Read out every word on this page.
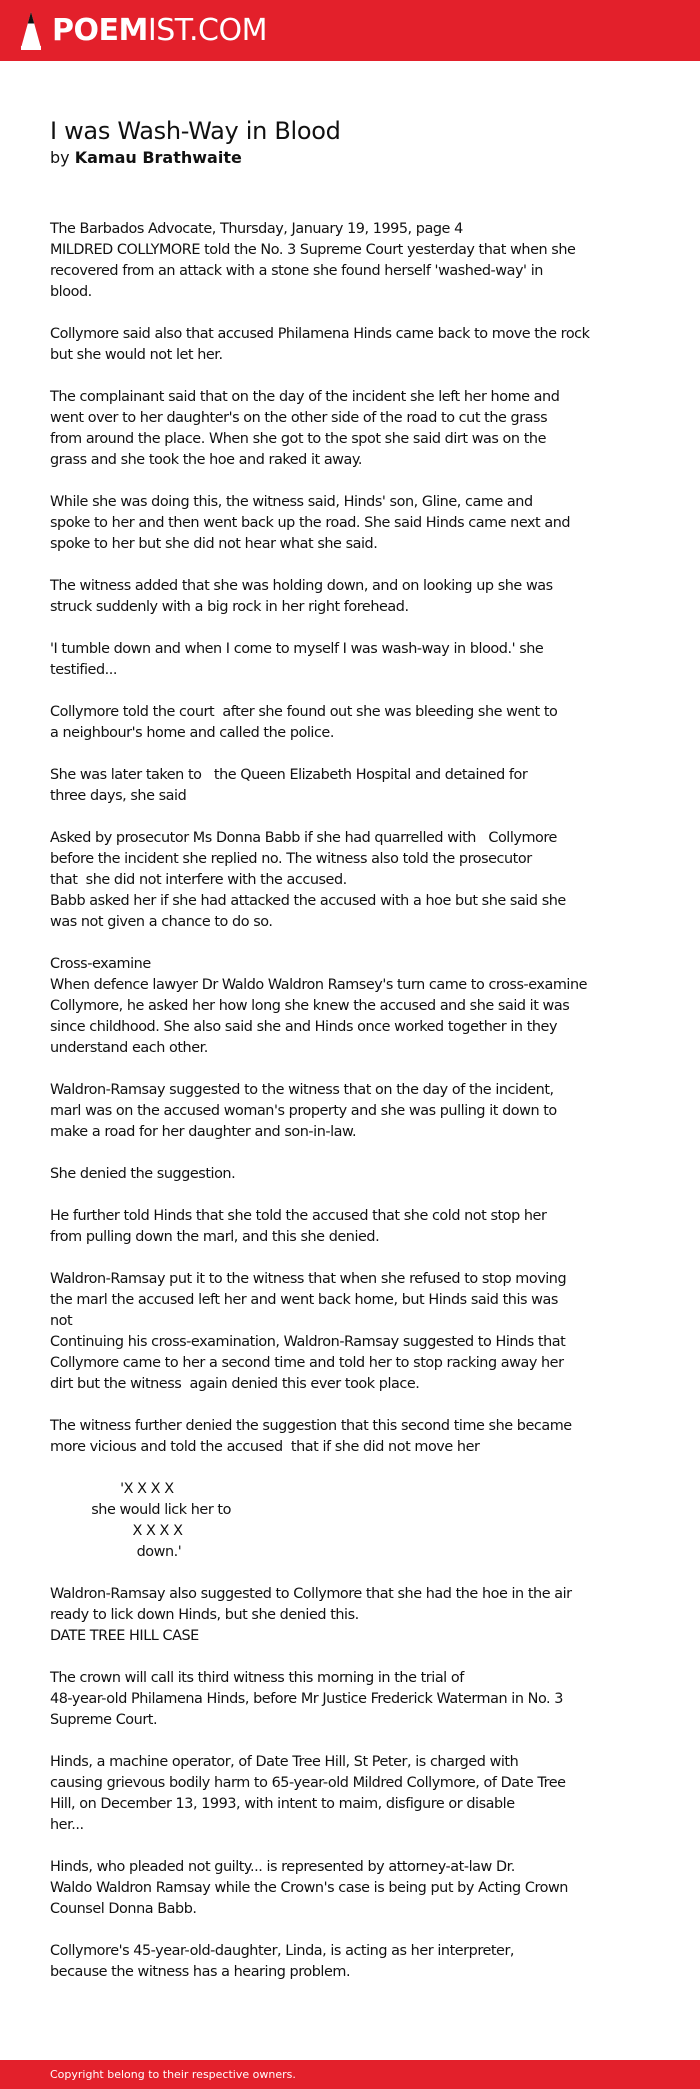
POEMIST.COM
I was Wash-Way in Blood
by Kamau Brathwaite
The Barbados Advocate, Thursday, January 19, 1995, page 4
MILDRED COLLYMORE told the No. 3 Supreme Court yesterday that when she
recovered from an attack with a stone she found herself 'washed-way' in
blood.
Collymore said also that accused Philamena Hinds came back to move the rock
but she would not let her.
The complainant said that on the day of the incident she left her home and
went over to her daughter's on the other side of the road to cut the grass
from around the place. When she got to the spot she said dirt was on the
grass and she took the hoe and raked it away.
While she was doing this, the witness said, Hinds' son, Gline, came and
spoke to her and then went back up the road. She said Hinds came next and
spoke to her but she did not hear what she said.
The witness added that she was holding down, and on looking up she was
struck suddenly with a big rock in her right forehead.
'I tumble down and when I come to myself I was wash-way in blood.' she
testified...
Collymore told the court  after she found out she was bleeding she went to
a neighbour's home and called the police.
She was later taken to   the Queen Elizabeth Hospital and detained for
three days, she said
Asked by prosecutor Ms Donna Babb if she had quarrelled with   Collymore
before the incident she replied no. The witness also told the prosecutor
that  she did not interfere with the accused.
Babb asked her if she had attacked the accused with a hoe but she said she
was not given a chance to do so.
Cross-examine
When defence lawyer Dr Waldo Waldron Ramsey's turn came to cross-examine
Collymore, he asked her how long she knew the accused and she said it was
since childhood. She also said she and Hinds once worked together in they
understand each other.
Waldron-Ramsay suggested to the witness that on the day of the incident,
marl was on the accused woman's property and she was pulling it down to
make a road for her daughter and son-in-law.
She denied the suggestion.
He further told Hinds that she told the accused that she cold not stop her
from pulling down the marl, and this she denied.
Waldron-Ramsay put it to the witness that when she refused to stop moving
the marl the accused left her and went back home, but Hinds said this was
not
Continuing his cross-examination, Waldron-Ramsay suggested to Hinds that
Collymore came to her a second time and told her to stop racking away her
dirt but the witness  again denied this ever took place.
The witness further denied the suggestion that this second time she became
more vicious and told the accused  that if she did not move her
'X X X X
she would lick her to
X X X X
down.'
Waldron-Ramsay also suggested to Collymore that she had the hoe in the air
ready to lick down Hinds, but she denied this.
DATE TREE HILL CASE
The crown will call its third witness this morning in the trial of
48-year-old Philamena Hinds, before Mr Justice Frederick Waterman in No. 3
Supreme Court.
Hinds, a machine operator, of Date Tree Hill, St Peter, is charged with
causing grievous bodily harm to 65-year-old Mildred Collymore, of Date Tree
Hill, on December 13, 1993, with intent to maim, disfigure or disable
her...
Hinds, who pleaded not guilty... is represented by attorney-at-law Dr.
Waldo Waldron Ramsay while the Crown's case is being put by Acting Crown
Counsel Donna Babb.
Collymore's 45-year-old-daughter, Linda, is acting as her interpreter,
because the witness has a hearing problem.
Copyright belong to their respective owners.
